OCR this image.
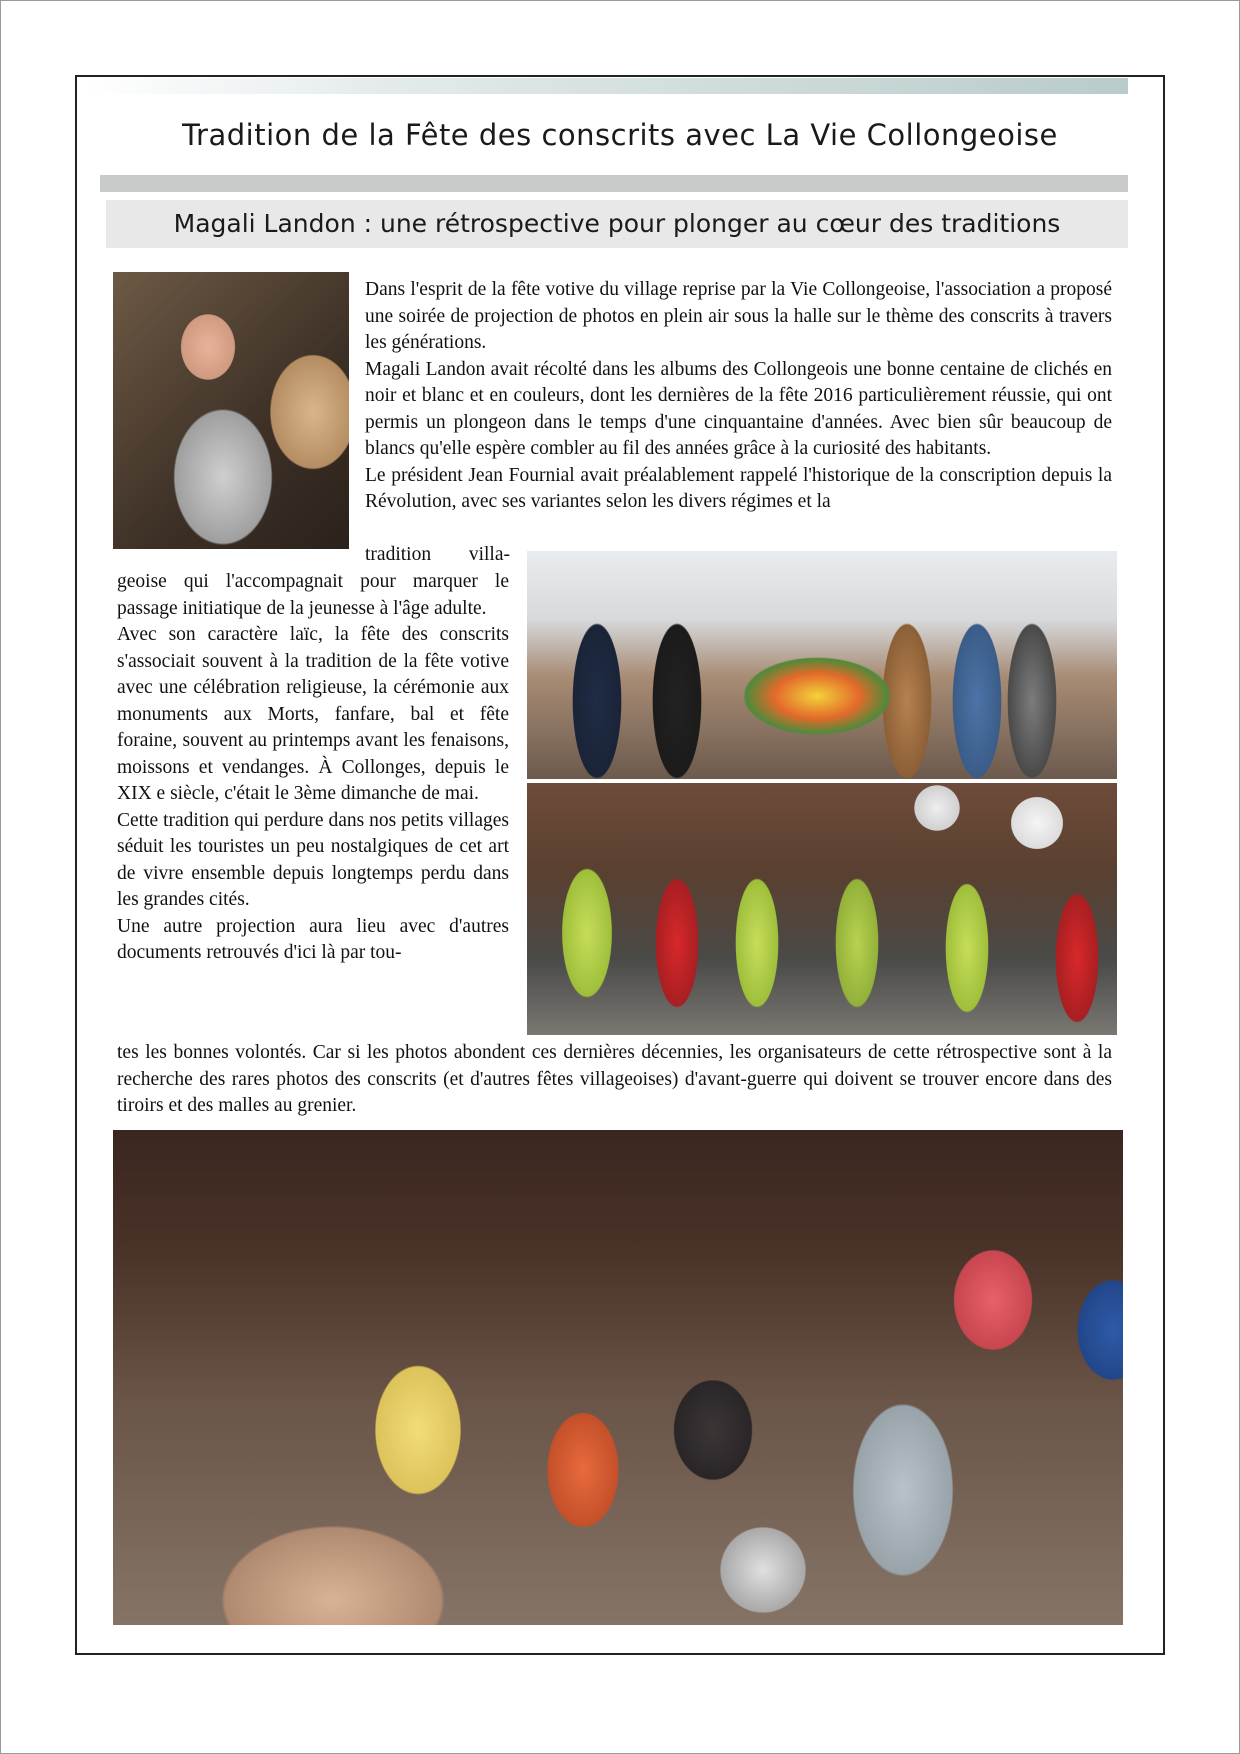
Tradition de la Fête des conscrits avec La Vie Collongeoise
Magali Landon : une rétrospective pour plonger au cœur des traditions

Dans l'esprit de la fête votive du village reprise par la Vie Collongeoise, l'association a proposé une soirée de projection de photos en plein air sous la halle sur le thème des conscrits à travers les générations.

Magali Landon avait récolté dans les albums des Collongeois une bonne centaine de clichés en noir et blanc et en couleurs, dont les dernières de la fête 2016 particulièrement réussie, qui ont permis un plongeon dans le temps d'une cinquantaine d'années. Avec bien sûr beaucoup de blancs qu'elle espère combler au fil des années grâce à la curiosité des habitants.

Le président Jean Fournial avait préalablement rappelé l'historique de la conscription depuis la Révolution, avec ses variantes selon les divers régimes et la

tradition villa-

geoise qui l'accompagnait pour marquer le passage initiatique de la jeunesse à l'âge adulte.

Avec son caractère laïc, la fête des conscrits s'associait souvent à la tradition de la fête votive avec une célébration religieuse, la cérémonie aux monuments aux Morts, fanfare, bal et fête foraine, souvent au printemps avant les fenaisons, moissons et vendanges. À Collonges, depuis le XIX e siècle, c'était le 3ème dimanche de mai.

Cette tradition qui perdure dans nos petits villages séduit les touristes un peu nostalgiques de cet art de vivre ensemble depuis longtemps perdu dans les grandes cités.

Une autre projection aura lieu avec d'autres documents retrouvés d'ici là par tou-

tes les bonnes volontés. Car si les photos abondent ces dernières décennies, les organisateurs de cette rétrospective sont à la recherche des rares photos des conscrits (et d'autres fêtes villageoises) d'avant-guerre qui doivent se trouver encore dans des tiroirs et des malles au grenier.
